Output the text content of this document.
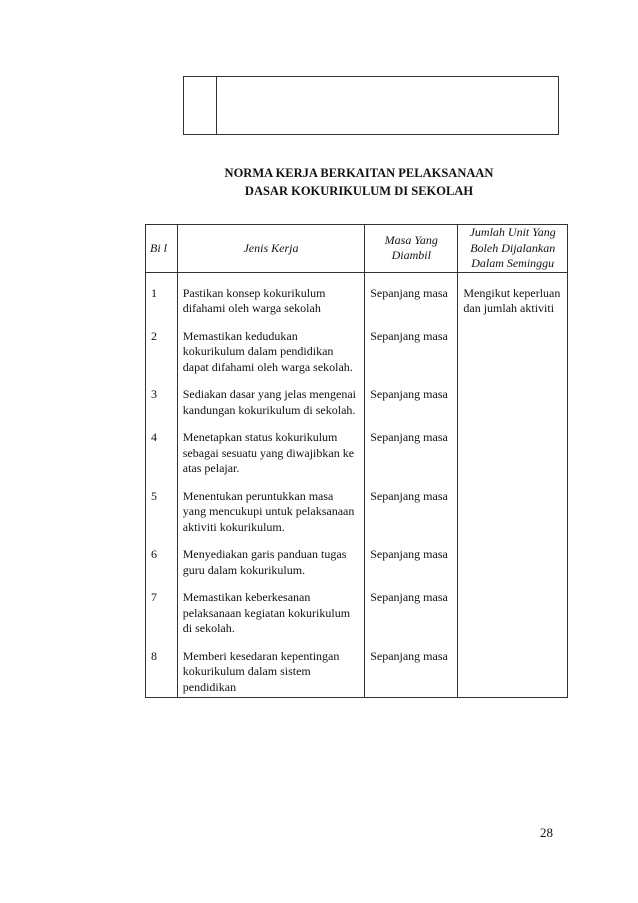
NORMA KERJA BERKAITAN PELAKSANAAN
DASAR KOKURIKULUM DI SEKOLAH
Bi l	Jenis Kerja	Masa Yang Diambil	Jumlah Unit Yang Boleh Dijalankan Dalam Seminggu
1	Pastikan konsep kokurikulum difahami oleh warga sekolah	Sepanjang masa	Mengikut keperluan dan jumlah aktiviti
2	Memastikan kedudukan kokurikulum dalam pendidikan dapat difahami oleh warga sekolah.	Sepanjang masa	
3	Sediakan dasar yang jelas mengenai kandungan kokurikulum di sekolah.	Sepanjang masa	
4	Menetapkan status kokurikulum sebagai sesuatu yang diwajibkan ke atas pelajar.	Sepanjang masa	
5	Menentukan peruntukkan masa yang mencukupi untuk pelaksanaan aktiviti kokurikulum.	Sepanjang masa	
6	Menyediakan garis panduan tugas guru dalam kokurikulum.	Sepanjang masa	
7	Memastikan keberkesanan pelaksanaan kegiatan kokurikulum di sekolah.	Sepanjang masa	
8	Memberi kesedaran kepentingan kokurikulum dalam sistem pendidikan	Sepanjang masa	
28
